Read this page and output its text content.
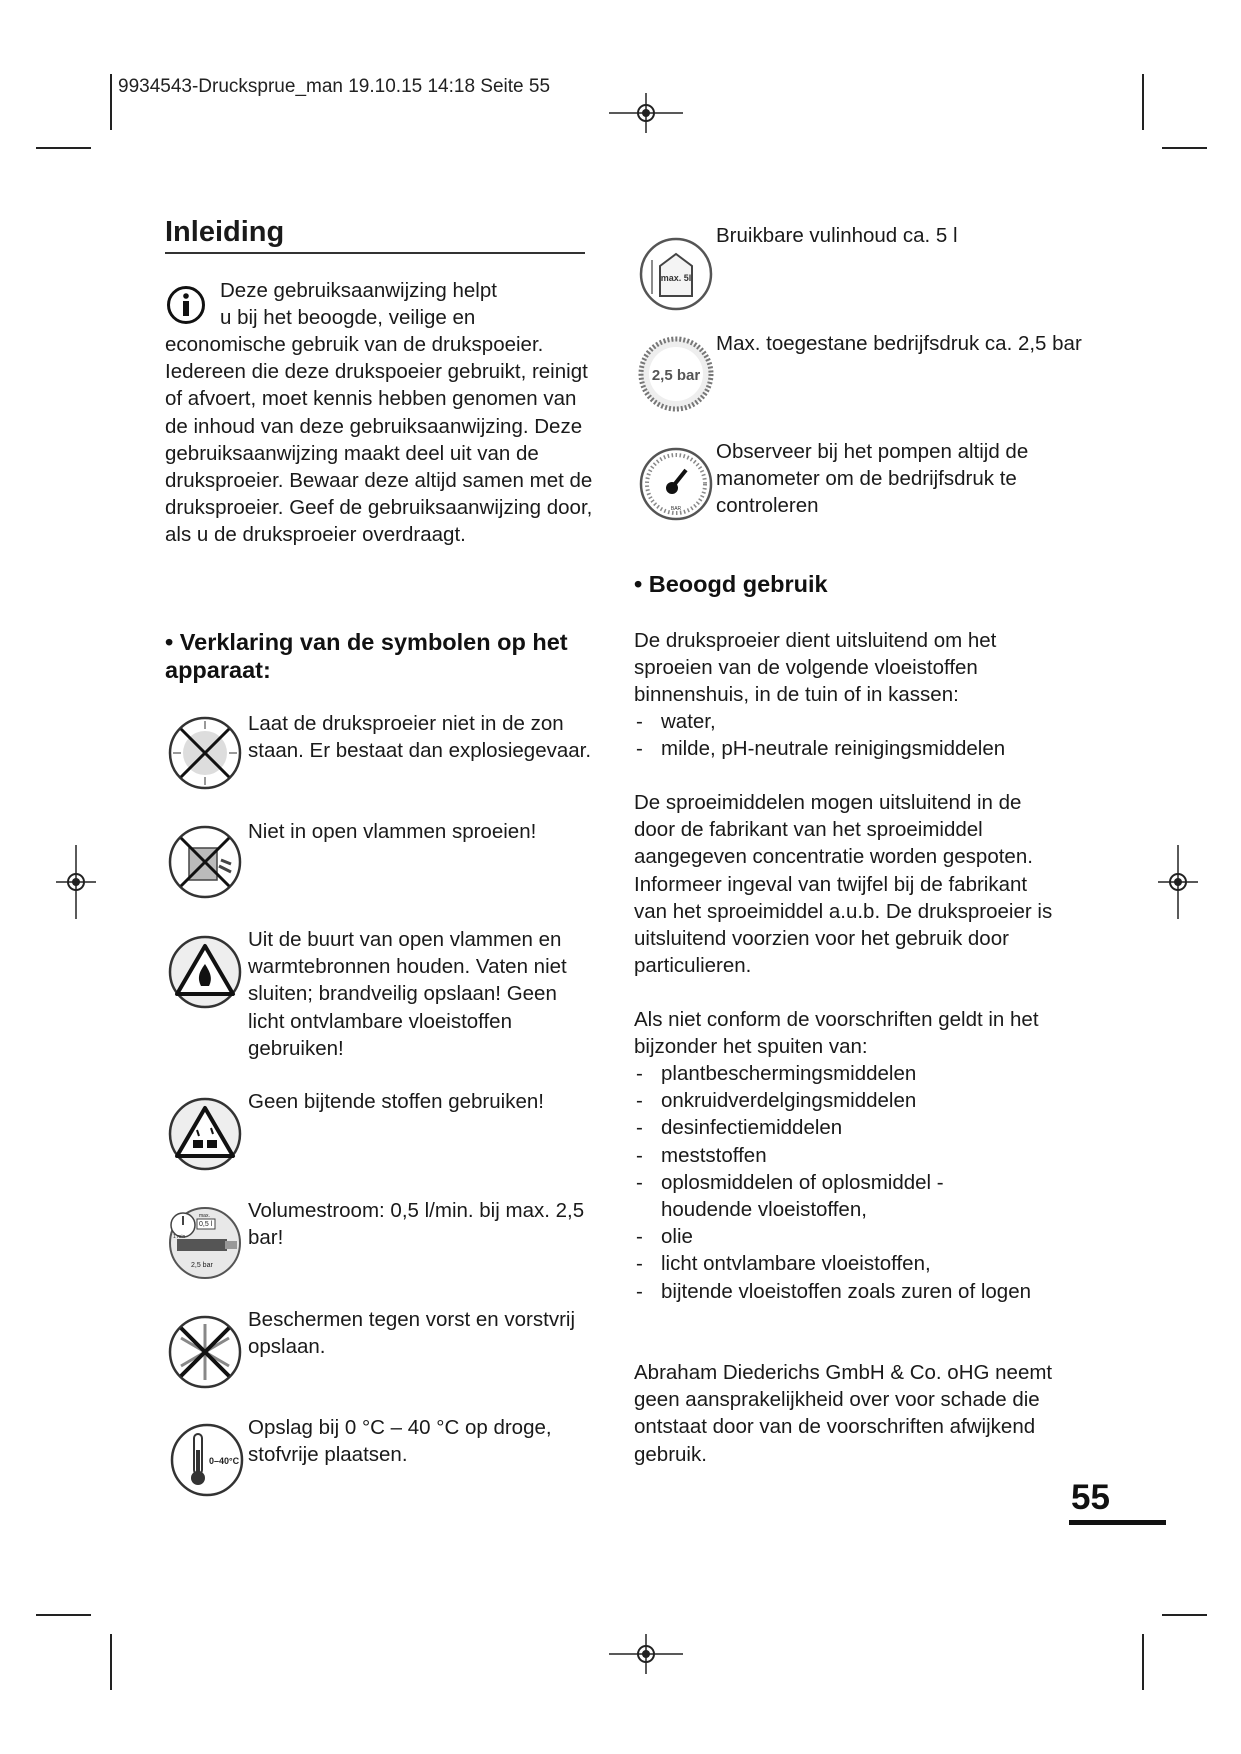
9934543-Drucksprue_man 19.10.15 14:18 Seite 55
Inleiding
Deze gebruiksaanwijzing helpt
u bij het beoogde, veilige en
economische gebruik van de drukspoeier. Iedereen die deze drukspoeier gebruikt, reinigt of afvoert, moet kennis hebben genomen van de inhoud van deze gebruiksaanwijzing. Deze gebruiksaanwijzing maakt deel uit van de druksproeier. Bewaar deze altijd samen met de druksproeier. Geef de gebruiksaanwijzing door, als u de druksproeier overdraagt.
• Verklaring van de symbolen op het apparaat:
Laat de druksproeier niet in de zon staan. Er bestaat dan explosiegevaar.
Niet in open vlammen sproeien!
Uit de buurt van open vlammen en warmtebronnen houden. Vaten niet sluiten; brandveilig opslaan! Geen licht ontvlambare vloeistoffen gebruiken!
Geen bijtende stoffen gebruiken!
0,5 l
max.
1 min
2,5 bar
Volumestroom: 0,5 l/min. bij max. 2,5 bar!
Beschermen tegen vorst en vorstvrij opslaan.
0–40°C
Opslag bij 0 °C – 40 °C op droge, stofvrije plaatsen.
max. 5l
Bruikbare vulinhoud ca. 5 l
2,5 bar
Max. toegestane bedrijfsdruk ca. 2,5 bar
BAR
Observeer bij het pompen altijd de manometer om de bedrijfsdruk te controleren
• Beoogd gebruik
De druksproeier dient uitsluitend om het sproeien van de volgende vloeistoffen binnenshuis, in de tuin of in kassen:
- water,
- milde, pH-neutrale reinigingsmiddelen
De sproeimiddelen mogen uitsluitend in de door de fabrikant van het sproeimiddel aangegeven concentratie worden gespoten. Informeer ingeval van twijfel bij de fabrikant van het sproeimiddel a.u.b. De druksproeier is uitsluitend voorzien voor het gebruik door particulieren.
Als niet conform de voorschriften geldt in het bijzonder het spuiten van:
- plantbeschermingsmiddelen
- onkruidverdelgingsmiddelen
- desinfectiemiddelen
- meststoffen
- oplosmiddelen of oplosmiddel - houdende vloeistoffen,
- olie
- licht ontvlambare vloeistoffen,
- bijtende vloeistoffen zoals zuren of logen
Abraham Diederichs GmbH & Co. oHG neemt geen aansprakelijkheid over voor schade die ontstaat door van de voorschriften afwijkend gebruik.
55
